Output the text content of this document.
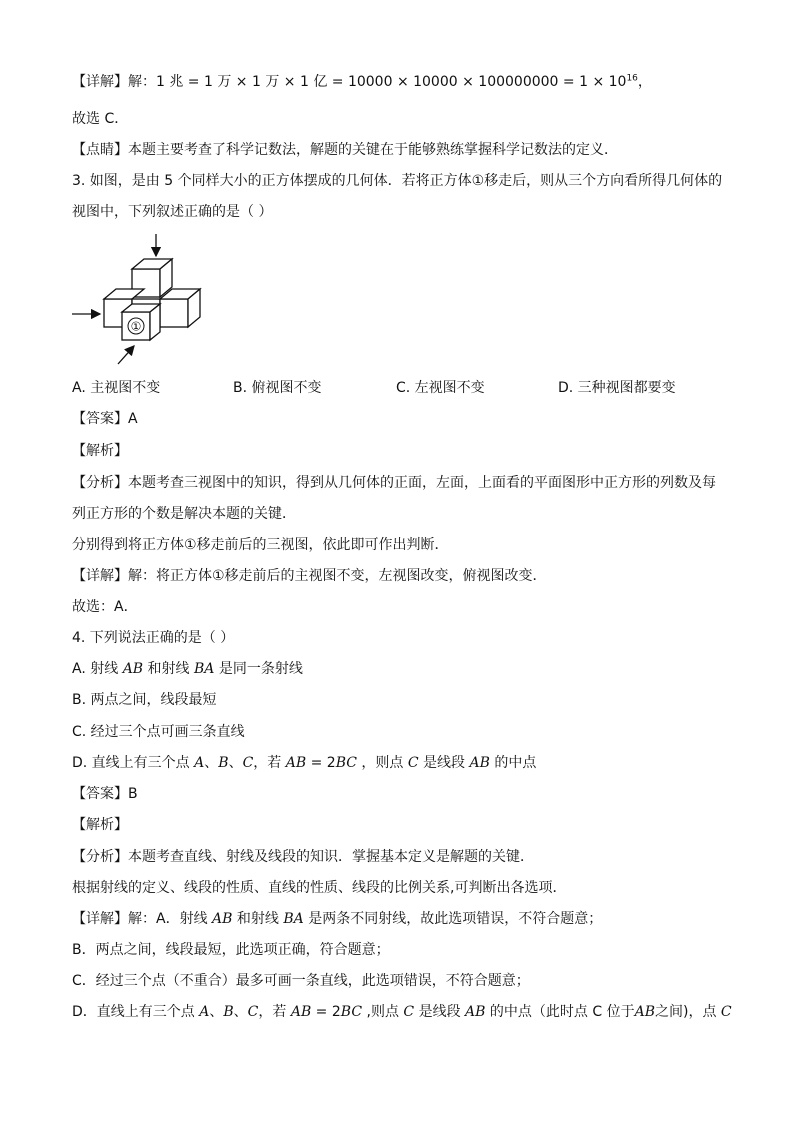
【详解】解：1 兆 = 1 万 × 1 万 × 1 亿 = $10000 \times 10000 \times 100000000 = 1 \times 10^{16}$，
故选 C．
【点睛】本题主要考查了科学记数法，解题的关键在于能够熟练掌握科学记数法的定义．
3. 如图，是由 5 个同样大小的正方体摆成的几何体．若将正方体①移走后，则从三个方向看所得几何体的
视图中，下列叙述正确的是（ ）
①
A. 主视图不变	B. 俯视图不变	C. 左视图不变	D. 三种视图都要变
【答案】A
【解析】
【分析】本题考查三视图中的知识，得到从几何体的正面，左面，上面看的平面图形中正方形的列数及每
列正方形的个数是解决本题的关键．
分别得到将正方体①移走前后的三视图，依此即可作出判断．
【详解】解：将正方体①移走前后的主视图不变，左视图改变，俯视图改变．
故选：A．
4. 下列说法正确的是（ ）
A. 射线 AB 和射线 BA 是同一条射线
B. 两点之间，线段最短
C. 经过三个点可画三条直线
D. 直线上有三个点 A、B、C，若 AB = 2BC ，则点 C 是线段 AB 的中点
【答案】B
【解析】
【分析】本题考查直线、射线及线段的知识．掌握基本定义是解题的关键．
根据射线的定义、线段的性质、直线的性质、线段的比例关系,可判断出各选项．
【详解】解：A．射线 AB 和射线 BA 是两条不同射线，故此选项错误，不符合题意；
B．两点之间，线段最短，此选项正确，符合题意；
C．经过三个点（不重合）最多可画一条直线，此选项错误，不符合题意；
D．直线上有三个点 A、B、C，若 AB = 2BC ,则点 C 是线段 AB 的中点（此时点 C 位于AB之间)，点 C
